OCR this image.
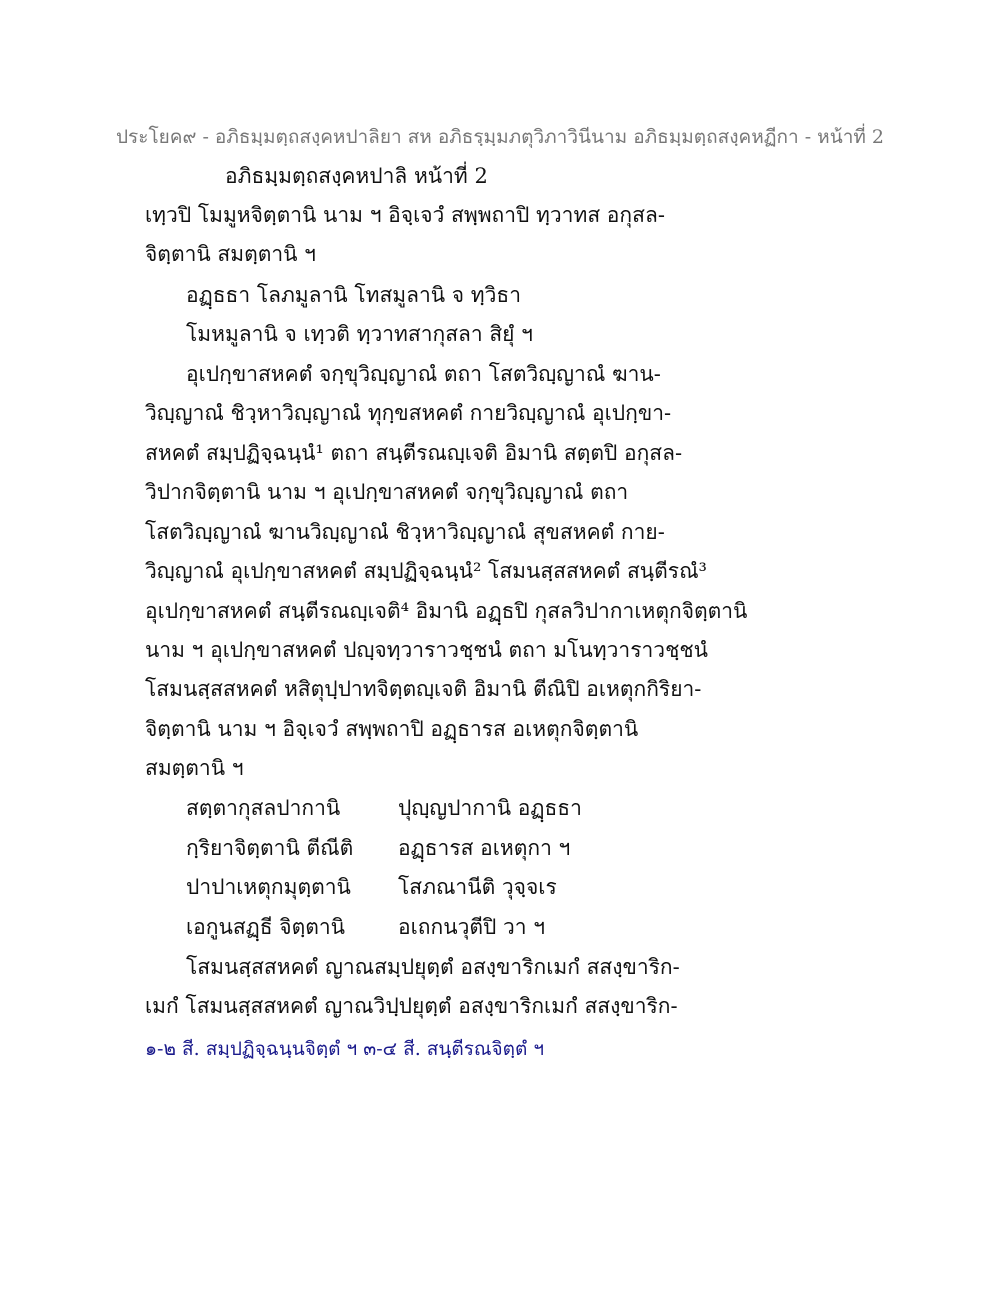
ประโยค๙ - อภิธมฺมตฺถสงฺคหปาลิยา สห อภิธรฺมฺมภตุวิภาวินีนาม อภิธมฺมตฺถสงฺคหฏีกา - หน้าที่ 2
อภิธมฺมตฺถสงฺคหปาลิ หน้าที่ 2
เทฺวปิ โมมูหจิตฺตานิ นาม ฯ อิจฺเจวํ สพฺพถาปิ ทฺวาทส อกุสล-
จิตฺตานิ สมตฺตานิ ฯ
อฏฺธธา โลภมูลานิ โทสมูลานิ จ ทฺวิธา
โมหมูลานิ จ เทฺวติ ทฺวาทสากุสลา สิยุํ ฯ
อุเปกฺขาสหคตํ จกฺขุวิญฺญาณํ ตถา โสตวิญฺญาณํ ฆาน-
วิญฺญาณํ ชิวฺหาวิญฺญาณํ ทุกฺขสหคตํ กายวิญฺญาณํ อุเปกฺขา-
สหคตํ สมฺปฏิจฺฉนฺนํ¹ ตถา สนฺตีรณญฺเจติ อิมานิ สตฺตปิ อกุสล-
วิปากจิตฺตานิ นาม ฯ อุเปกฺขาสหคตํ จกฺขุวิญฺญาณํ ตถา
โสตวิญฺญาณํ ฆานวิญฺญาณํ ชิวฺหาวิญฺญาณํ สุขสหคตํ กาย-
วิญฺญาณํ อุเปกฺขาสหคตํ สมฺปฏิจฺฉนฺนํ² โสมนสฺสสหคตํ สนฺตีรณํ³
อุเปกฺขาสหคตํ สนฺตีรณญฺเจติ⁴ อิมานิ อฏฺธปิ กุสลวิปากาเหตุกจิตฺตานิ
นาม ฯ อุเปกฺขาสหคตํ ปญฺจทฺวาราวชฺชนํ ตถา มโนทฺวาราวชฺชนํ
โสมนสฺสสหคตํ หสิตุปฺปาทจิตฺตญฺเจติ อิมานิ ตีณิปิ อเหตุกกิริยา-
จิตฺตานิ นาม ฯ อิจฺเจวํ สพฺพถาปิ อฏฺธารส อเหตุกจิตฺตานิ
สมตฺตานิ ฯ
สตฺตากุสลปากานิ	ปุญฺญปากานิ อฏฺธธา
กฺริยาจิตฺตานิ ตีณีติ อฏฺธารส อเหตุกา ฯ
ปาปาเหตุกมุตฺตานิ โสภณานีติ วุจฺจเร
เอกูนสฏฺธี จิตฺตานิ	อเถกนวุตีปิ วา ฯ
โสมนสฺสสหคตํ ญาณสมฺปยุตฺตํ อสงฺขาริกเมกํ สสงฺขาริก-
เมกํ โสมนสฺสสหคตํ ญาณวิปฺปยุตฺตํ อสงฺขาริกเมกํ สสงฺขาริก-
๑-๒ สี. สมฺปฏิจฺฉนฺนจิตฺตํ ฯ ๓-๔ สี. สนฺตีรณจิตฺตํ ฯ
